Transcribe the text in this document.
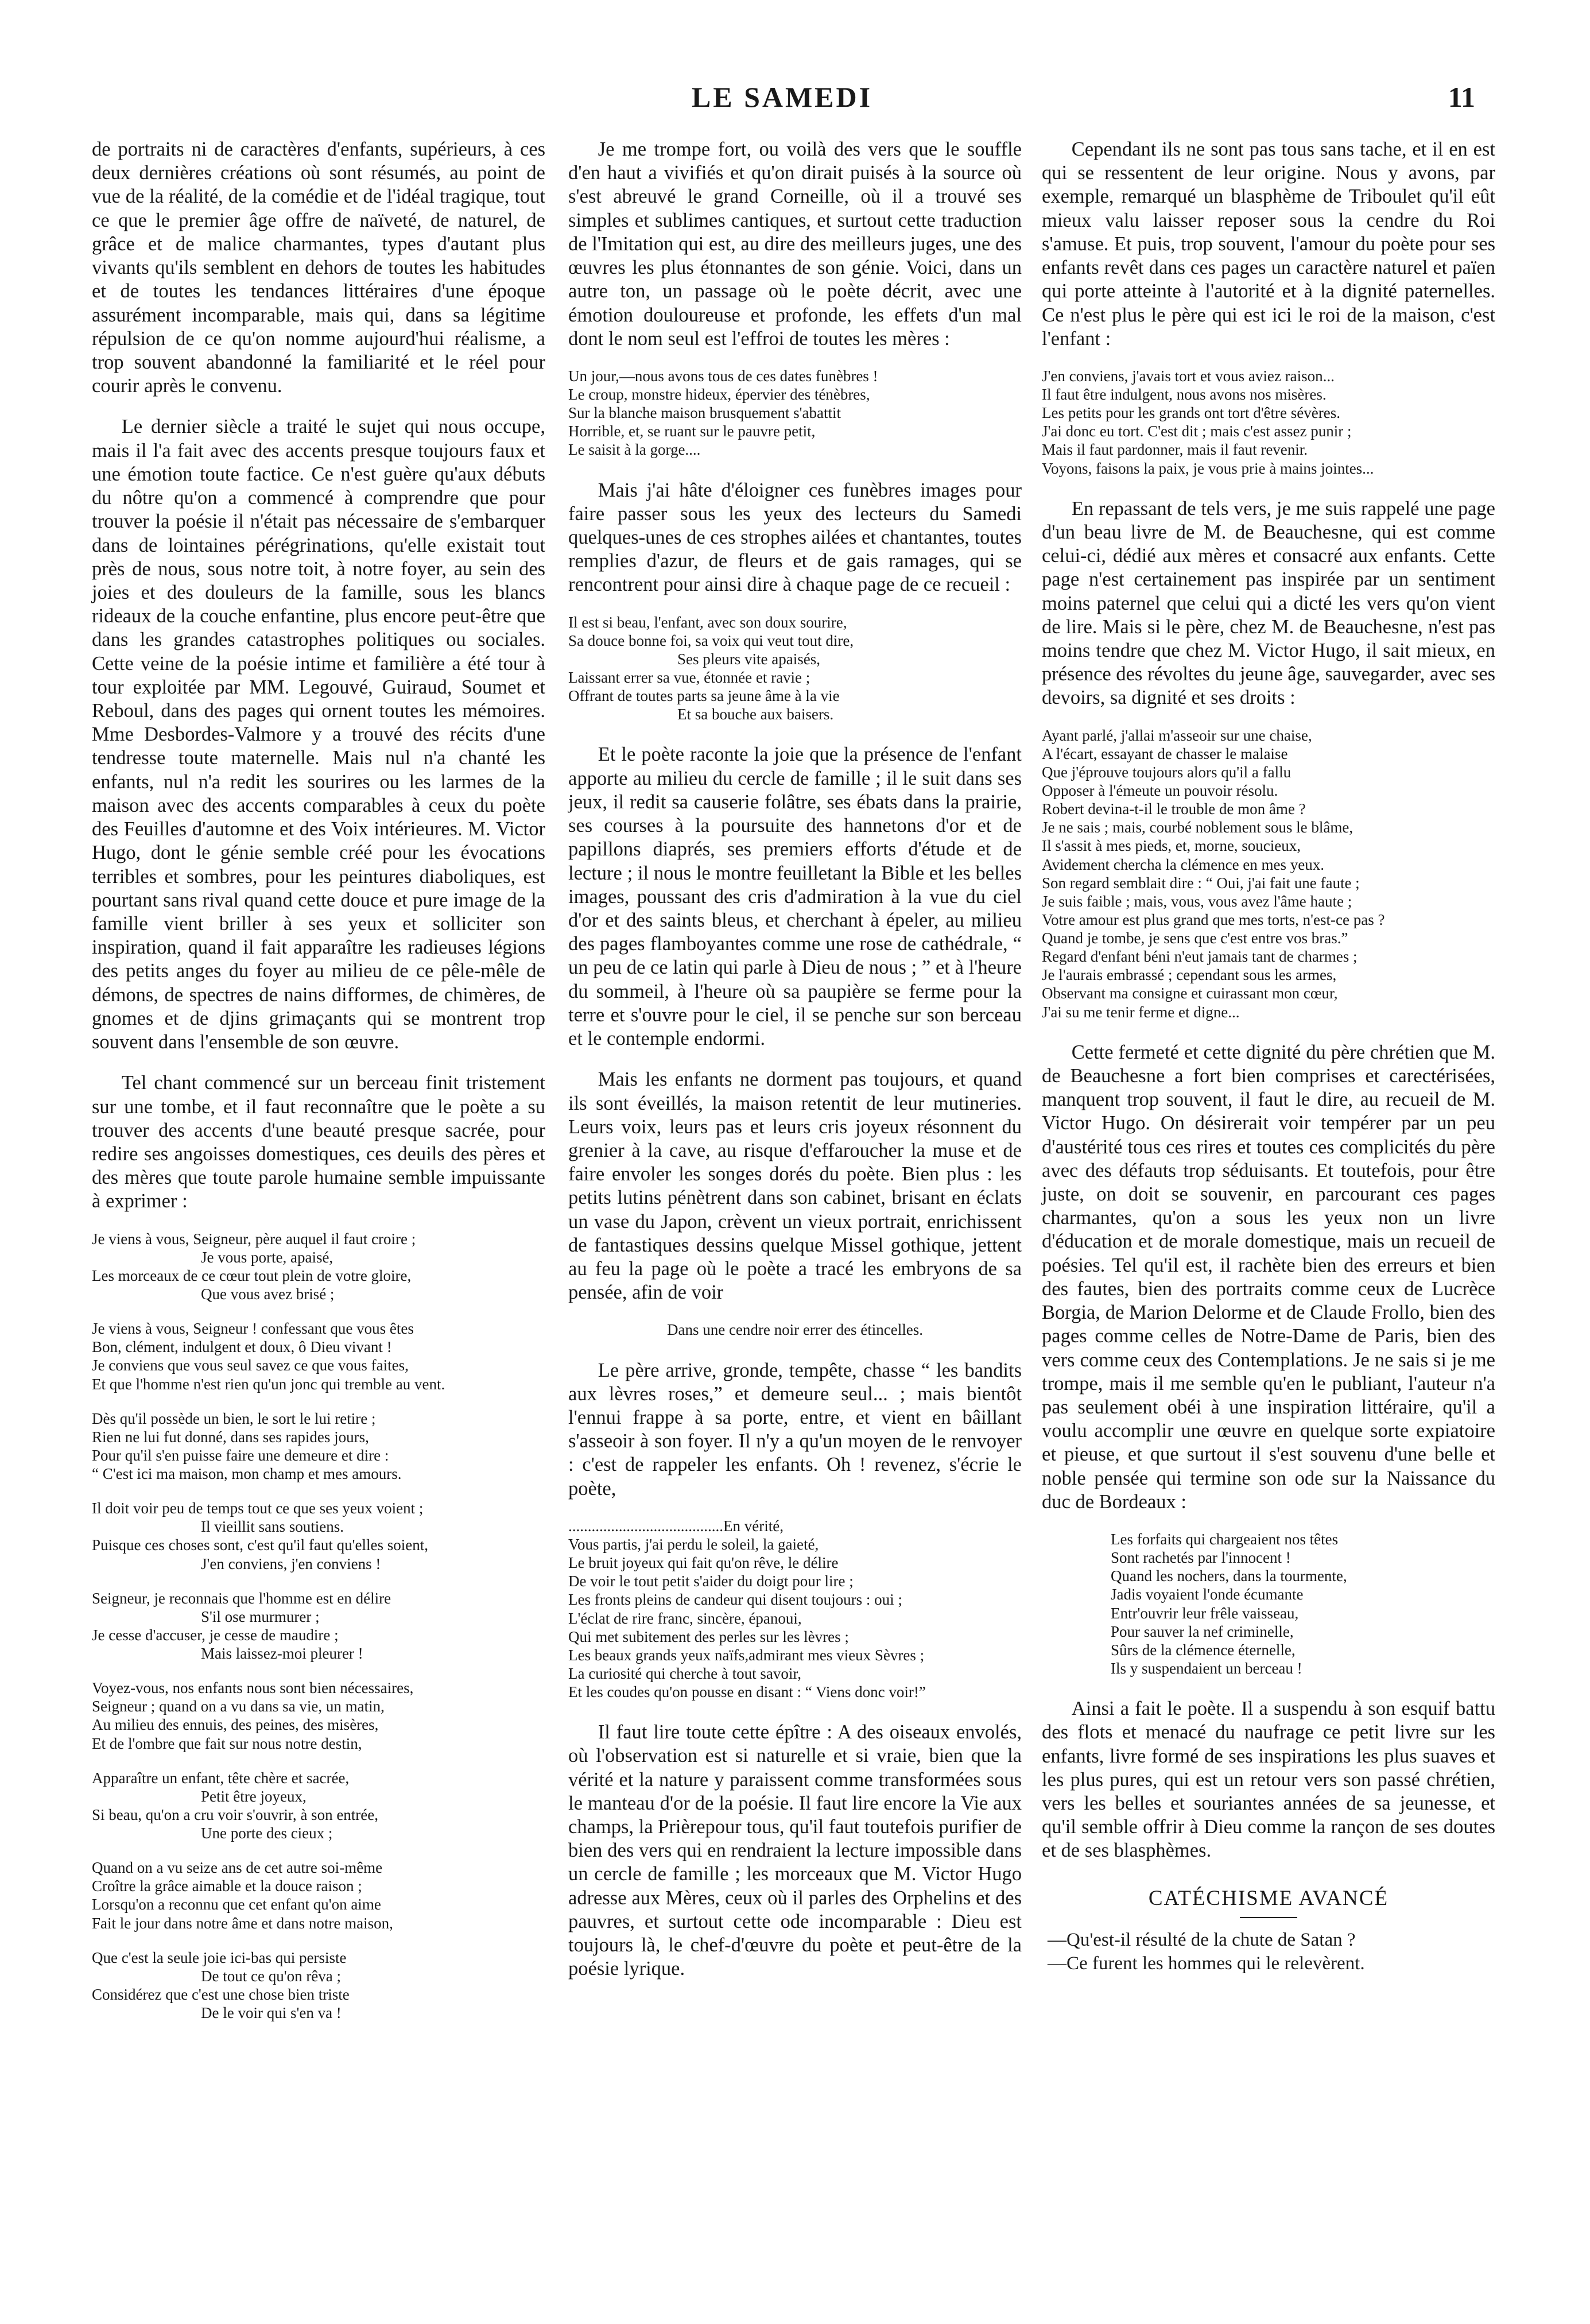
LE SAMEDI	11

de portraits ni de caractères d'enfants, supérieurs, à ces deux dernières créations où sont résumés, au point de vue de la réalité, de la comédie et de l'idéal tragique, tout ce que le premier âge offre de naïveté, de naturel, de grâce et de malice charmantes, types d'autant plus vivants qu'ils semblent en dehors de toutes les habitudes et de toutes les tendances littéraires d'une époque assurément incomparable, mais qui, dans sa légitime répulsion de ce qu'on nomme aujourd'hui réalisme, a trop souvent abandonné la familiarité et le réel pour courir après le convenu.

Le dernier siècle a traité le sujet qui nous occupe, mais il l'a fait avec des accents presque toujours faux et une émotion toute factice. Ce n'est guère qu'aux débuts du nôtre qu'on a commencé à comprendre que pour trouver la poésie il n'était pas nécessaire de s'embarquer dans de lointaines pérégrinations, qu'elle existait tout près de nous, sous notre toit, à notre foyer, au sein des joies et des douleurs de la famille, sous les blancs rideaux de la couche enfantine, plus encore peut-être que dans les grandes catastrophes politiques ou sociales. Cette veine de la poésie intime et familière a été tour à tour exploitée par MM. Legouvé, Guiraud, Soumet et Reboul, dans des pages qui ornent toutes les mémoires. Mme Desbordes-Valmore y a trouvé des récits d'une tendresse toute maternelle. Mais nul n'a chanté les enfants, nul n'a redit les sourires ou les larmes de la maison avec des accents comparables à ceux du poète des Feuilles d'automne et des Voix intérieures. M. Victor Hugo, dont le génie semble créé pour les évocations terribles et sombres, pour les peintures diaboliques, est pourtant sans rival quand cette douce et pure image de la famille vient briller à ses yeux et solliciter son inspiration, quand il fait apparaître les radieuses légions des petits anges du foyer au milieu de ce pêle-mêle de démons, de spectres de nains difformes, de chimères, de gnomes et de djins grimaçants qui se montrent trop souvent dans l'ensemble de son œuvre.

Tel chant commencé sur un berceau finit tristement sur une tombe, et il faut reconnaître que le poète a su trouver des accents d'une beauté presque sacrée, pour redire ses angoisses domestiques, ces deuils des pères et des mères que toute parole humaine semble impuissante à exprimer :

Je viens à vous, Seigneur, père auquel il faut croire ;
Je vous porte, apaisé,
Les morceaux de ce cœur tout plein de votre gloire,
Que vous avez brisé ;
Je viens à vous, Seigneur ! confessant que vous êtes
Bon, clément, indulgent et doux, ô Dieu vivant !
Je conviens que vous seul savez ce que vous faites,
Et que l'homme n'est rien qu'un jonc qui tremble au vent.
Dès qu'il possède un bien, le sort le lui retire ;
Rien ne lui fut donné, dans ses rapides jours,
Pour qu'il s'en puisse faire une demeure et dire :
“ C'est ici ma maison, mon champ et mes amours.
Il doit voir peu de temps tout ce que ses yeux voient ;
Il vieillit sans soutiens.
Puisque ces choses sont, c'est qu'il faut qu'elles soient,
J'en conviens, j'en conviens !
Seigneur, je reconnais que l'homme est en délire
S'il ose murmurer ;
Je cesse d'accuser, je cesse de maudire ;
Mais laissez-moi pleurer !
Voyez-vous, nos enfants nous sont bien nécessaires,
Seigneur ; quand on a vu dans sa vie, un matin,
Au milieu des ennuis, des peines, des misères,
Et de l'ombre que fait sur nous notre destin,
Apparaître un enfant, tête chère et sacrée,
Petit être joyeux,
Si beau, qu'on a cru voir s'ouvrir, à son entrée,
Une porte des cieux ;
Quand on a vu seize ans de cet autre soi-même
Croître la grâce aimable et la douce raison ;
Lorsqu'on a reconnu que cet enfant qu'on aime
Fait le jour dans notre âme et dans notre maison,
Que c'est la seule joie ici-bas qui persiste
De tout ce qu'on rêva ;
Considérez que c'est une chose bien triste
De le voir qui s'en va !

Je me trompe fort, ou voilà des vers que le souffle d'en haut a vivifiés et qu'on dirait puisés à la source où s'est abreuvé le grand Corneille, où il a trouvé ses simples et sublimes cantiques, et surtout cette traduction de l'Imitation qui est, au dire des meilleurs juges, une des œuvres les plus étonnantes de son génie. Voici, dans un autre ton, un passage où le poète décrit, avec une émotion douloureuse et profonde, les effets d'un mal dont le nom seul est l'effroi de toutes les mères :

Un jour,—nous avons tous de ces dates funèbres !
Le croup, monstre hideux, épervier des ténèbres,
Sur la blanche maison brusquement s'abattit
Horrible, et, se ruant sur le pauvre petit,
Le saisit à la gorge....

Mais j'ai hâte d'éloigner ces funèbres images pour faire passer sous les yeux des lecteurs du Samedi quelques-unes de ces strophes ailées et chantantes, toutes remplies d'azur, de fleurs et de gais ramages, qui se rencontrent pour ainsi dire à chaque page de ce recueil :

Il est si beau, l'enfant, avec son doux sourire,
Sa douce bonne foi, sa voix qui veut tout dire,
Ses pleurs vite apaisés,
Laissant errer sa vue, étonnée et ravie ;
Offrant de toutes parts sa jeune âme à la vie
Et sa bouche aux baisers.

Et le poète raconte la joie que la présence de l'enfant apporte au milieu du cercle de famille ; il le suit dans ses jeux, il redit sa causerie folâtre, ses ébats dans la prairie, ses courses à la poursuite des hannetons d'or et de papillons diaprés, ses premiers efforts d'étude et de lecture ; il nous le montre feuilletant la Bible et les belles images, poussant des cris d'admiration à la vue du ciel d'or et des saints bleus, et cherchant à épeler, au milieu des pages flamboyantes comme une rose de cathédrale, “ un peu de ce latin qui parle à Dieu de nous ; ” et à l'heure du sommeil, à l'heure où sa paupière se ferme pour la terre et s'ouvre pour le ciel, il se penche sur son berceau et le contemple endormi.

Mais les enfants ne dorment pas toujours, et quand ils sont éveillés, la maison retentit de leur mutineries. Leurs voix, leurs pas et leurs cris joyeux résonnent du grenier à la cave, au risque d'effaroucher la muse et de faire envoler les songes dorés du poète. Bien plus : les petits lutins pénètrent dans son cabinet, brisant en éclats un vase du Japon, crèvent un vieux portrait, enrichissent de fantastiques dessins quelque Missel gothique, jettent au feu la page où le poète a tracé les embryons de sa pensée, afin de voir

Dans une cendre noir errer des étincelles.

Le père arrive, gronde, tempête, chasse “ les bandits aux lèvres roses,” et demeure seul... ; mais bientôt l'ennui frappe à sa porte, entre, et vient en bâillant s'asseoir à son foyer. Il n'y a qu'un moyen de le renvoyer : c'est de rappeler les enfants. Oh ! revenez, s'écrie le poète,

........................................En vérité,
Vous partis, j'ai perdu le soleil, la gaieté,
Le bruit joyeux qui fait qu'on rêve, le délire
De voir le tout petit s'aider du doigt pour lire ;
Les fronts pleins de candeur qui disent toujours : oui ;
L'éclat de rire franc, sincère, épanoui,
Qui met subitement des perles sur les lèvres ;
Les beaux grands yeux naïfs,admirant mes vieux Sèvres ;
La curiosité qui cherche à tout savoir,
Et les coudes qu'on pousse en disant : “ Viens donc voir!”

Il faut lire toute cette épître : A des oiseaux envolés, où l'observation est si naturelle et si vraie, bien que la vérité et la nature y paraissent comme transformées sous le manteau d'or de la poésie. Il faut lire encore la Vie aux champs, la Prièrepour tous, qu'il faut toutefois purifier de bien des vers qui en rendraient la lecture impossible dans un cercle de famille ; les morceaux que M. Victor Hugo adresse aux Mères, ceux où il parles des Orphelins et des pauvres, et surtout cette ode incomparable : Dieu est toujours là, le chef-d'œuvre du poète et peut-être de la poésie lyrique.

Cependant ils ne sont pas tous sans tache, et il en est qui se ressentent de leur origine. Nous y avons, par exemple, remarqué un blasphème de Triboulet qu'il eût mieux valu laisser reposer sous la cendre du Roi s'amuse. Et puis, trop souvent, l'amour du poète pour ses enfants revêt dans ces pages un caractère naturel et païen qui porte atteinte à l'autorité et à la dignité paternelles. Ce n'est plus le père qui est ici le roi de la maison, c'est l'enfant :

J'en conviens, j'avais tort et vous aviez raison...
Il faut être indulgent, nous avons nos misères.
Les petits pour les grands ont tort d'être sévères.
J'ai donc eu tort. C'est dit ; mais c'est assez punir ;
Mais il faut pardonner, mais il faut revenir.
Voyons, faisons la paix, je vous prie à mains jointes...

En repassant de tels vers, je me suis rappelé une page d'un beau livre de M. de Beauchesne, qui est comme celui-ci, dédié aux mères et consacré aux enfants. Cette page n'est certainement pas inspirée par un sentiment moins paternel que celui qui a dicté les vers qu'on vient de lire. Mais si le père, chez M. de Beauchesne, n'est pas moins tendre que chez M. Victor Hugo, il sait mieux, en présence des révoltes du jeune âge, sauvegarder, avec ses devoirs, sa dignité et ses droits :

Ayant parlé, j'allai m'asseoir sur une chaise,
A l'écart, essayant de chasser le malaise
Que j'éprouve toujours alors qu'il a fallu
Opposer à l'émeute un pouvoir résolu.
Robert devina-t-il le trouble de mon âme ?
Je ne sais ; mais, courbé noblement sous le blâme,
Il s'assit à mes pieds, et, morne, soucieux,
Avidement chercha la clémence en mes yeux.
Son regard semblait dire : “ Oui, j'ai fait une faute ;
Je suis faible ; mais, vous, vous avez l'âme haute ;
Votre amour est plus grand que mes torts, n'est-ce pas ?
Quand je tombe, je sens que c'est entre vos bras.”
Regard d'enfant béni n'eut jamais tant de charmes ;
Je l'aurais embrassé ; cependant sous les armes,
Observant ma consigne et cuirassant mon cœur,
J'ai su me tenir ferme et digne...

Cette fermeté et cette dignité du père chrétien que M. de Beauchesne a fort bien comprises et carectérisées, manquent trop souvent, il faut le dire, au recueil de M. Victor Hugo. On désirerait voir tempérer par un peu d'austérité tous ces rires et toutes ces complicités du père avec des défauts trop séduisants. Et toutefois, pour être juste, on doit se souvenir, en parcourant ces pages charmantes, qu'on a sous les yeux non un livre d'éducation et de morale domestique, mais un recueil de poésies. Tel qu'il est, il rachète bien des erreurs et bien des fautes, bien des portraits comme ceux de Lucrèce Borgia, de Marion Delorme et de Claude Frollo, bien des pages comme celles de Notre-Dame de Paris, bien des vers comme ceux des Contemplations. Je ne sais si je me trompe, mais il me semble qu'en le publiant, l'auteur n'a pas seulement obéi à une inspiration littéraire, qu'il a voulu accomplir une œuvre en quelque sorte expiatoire et pieuse, et que surtout il s'est souvenu d'une belle et noble pensée qui termine son ode sur la Naissance du duc de Bordeaux :

Les forfaits qui chargeaient nos têtes
Sont rachetés par l'innocent !
Quand les nochers, dans la tourmente,
Jadis voyaient l'onde écumante
Entr'ouvrir leur frêle vaisseau,
Pour sauver la nef criminelle,
Sûrs de la clémence éternelle,
Ils y suspendaient un berceau !

Ainsi a fait le poète. Il a suspendu à son esquif battu des flots et menacé du naufrage ce petit livre sur les enfants, livre formé de ses inspirations les plus suaves et les plus pures, qui est un retour vers son passé chrétien, vers les belles et souriantes années de sa jeunesse, et qu'il semble offrir à Dieu comme la rançon de ses doutes et de ses blasphèmes.

CATÉCHISME AVANCÉ
—Qu'est-il résulté de la chute de Satan ?
—Ce furent les hommes qui le relevèrent.
